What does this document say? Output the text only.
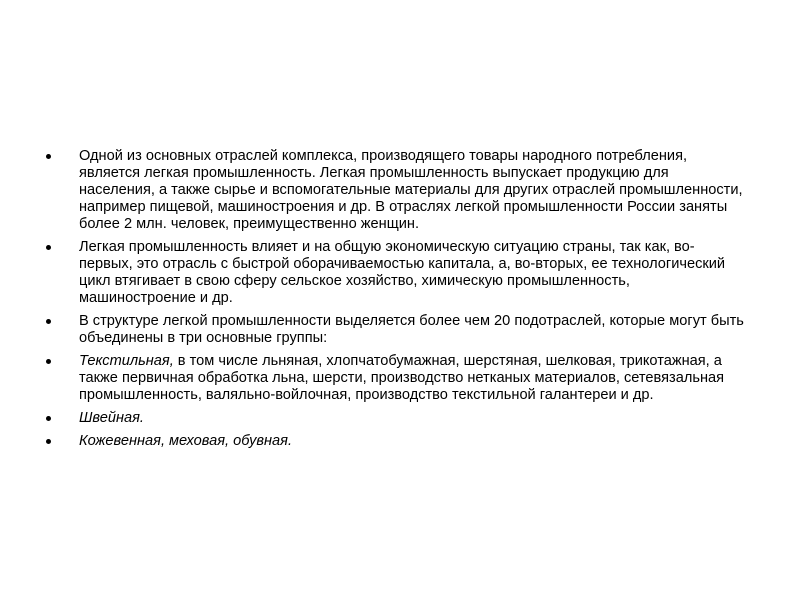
Одной из основных отраслей комплекса, производящего товары народного потребления, является легкая промышленность. Легкая промышленность выпускает продукцию для населения, а также сырье и вспомогательные материалы для других отраслей промышленности, например пищевой, машиностроения и др. В отраслях легкой промышленности России заняты более 2 млн. человек, преимущественно женщин.
Легкая промышленность влияет и на общую экономическую ситуацию страны, так как, во-первых, это отрасль с быстрой оборачиваемостью капитала, а, во-вторых, ее технологический цикл втягивает в свою сферу сельское хозяйство, химическую промышленность, машиностроение и др.
В структуре легкой промышленности выделяется более чем 20 подотраслей, которые могут быть объединены в три основные группы:
Текстильная, в том числе льняная, хлопчатобумажная, шерстяная, шелковая, трикотажная, а также первичная обработка льна, шерсти, производство нетканых материалов, сетевязальная промышленность, валяльно-войлочная, производство текстильной галантереи и др.
Швейная.
Кожевенная, меховая, обувная.
